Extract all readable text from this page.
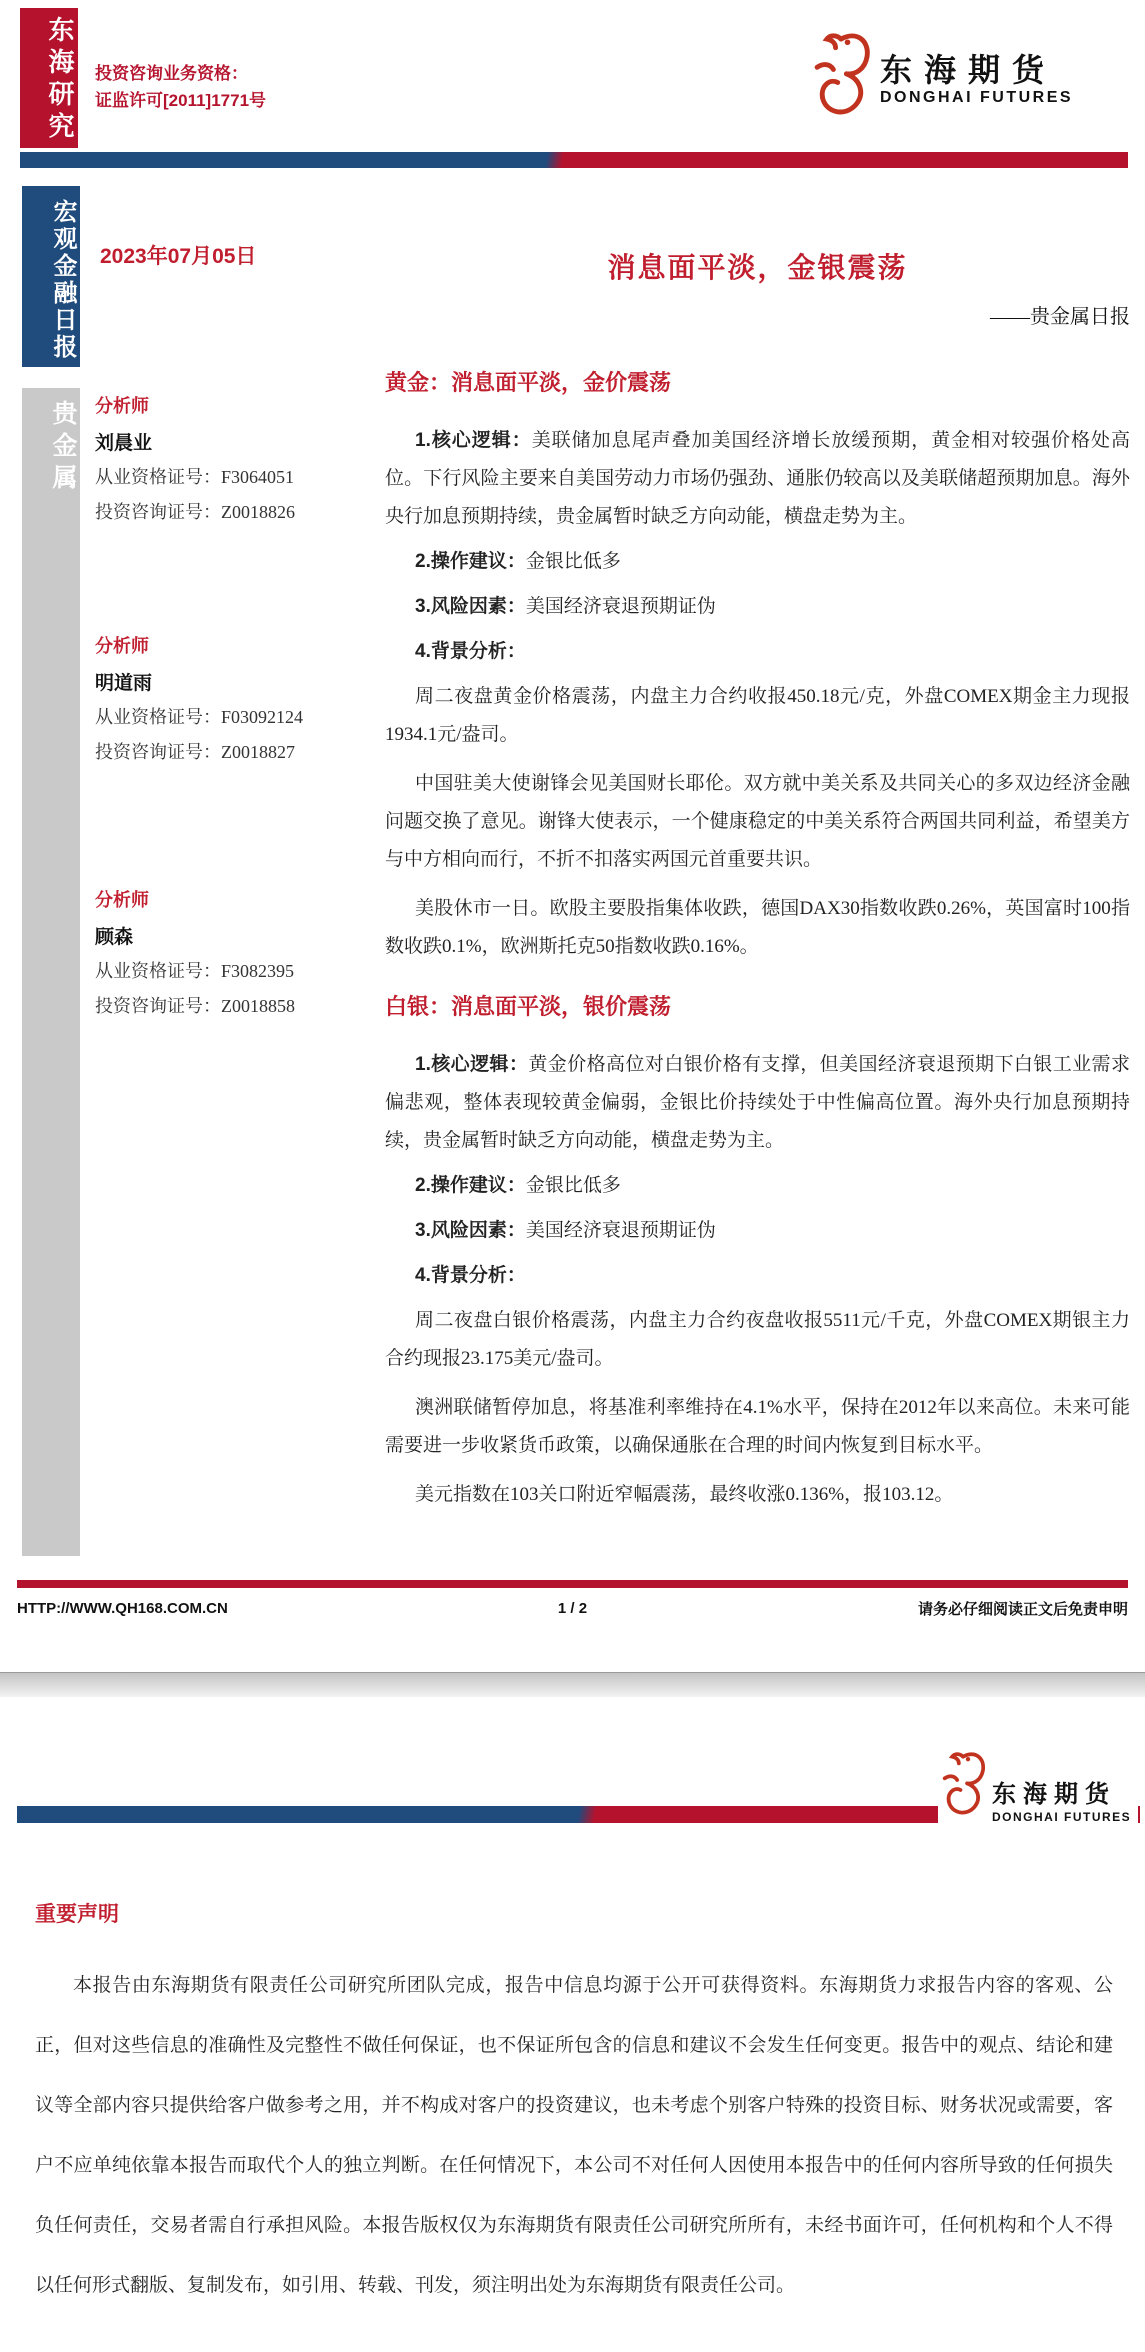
东海研究 投资咨询业务资格：
证监许可[2011]1771号
东海期货
DONGHAI FUTURES
宏观金融日报
贵金属
2023年07月05日	消息面平淡，金银震荡
——贵金属日报
分析师
刘晨业
从业资格证号：F3064051
投资咨询证号：Z0018826
分析师
明道雨
从业资格证号：F03092124
投资咨询证号：Z0018827
分析师
顾森
从业资格证号：F3082395
投资咨询证号：Z0018858
黄金：消息面平淡，金价震荡

1.核心逻辑：美联储加息尾声叠加美国经济增长放缓预期，黄金相对较强价格处高位。下行风险主要来自美国劳动力市场仍强劲、通胀仍较高以及美联储超预期加息。海外央行加息预期持续，贵金属暂时缺乏方向动能，横盘走势为主。

2.操作建议：金银比低多

3.风险因素：美国经济衰退预期证伪

4.背景分析：

周二夜盘黄金价格震荡，内盘主力合约收报450.18元/克，外盘COMEX期金主力现报1934.1元/盎司。

中国驻美大使谢锋会见美国财长耶伦。双方就中美关系及共同关心的多双边经济金融问题交换了意见。谢锋大使表示，一个健康稳定的中美关系符合两国共同利益，希望美方与中方相向而行，不折不扣落实两国元首重要共识。

美股休市一日。欧股主要股指集体收跌，德国DAX30指数收跌0.26%，英国富时100指数收跌0.1%，欧洲斯托克50指数收跌0.16%。

白银：消息面平淡，银价震荡

1.核心逻辑：黄金价格高位对白银价格有支撑，但美国经济衰退预期下白银工业需求偏悲观，整体表现较黄金偏弱，金银比价持续处于中性偏高位置。海外央行加息预期持续，贵金属暂时缺乏方向动能，横盘走势为主。

2.操作建议：金银比低多

3.风险因素：美国经济衰退预期证伪

4.背景分析：

周二夜盘白银价格震荡，内盘主力合约夜盘收报5511元/千克，外盘COMEX期银主力合约现报23.175美元/盎司。

澳洲联储暂停加息，将基准利率维持在4.1%水平，保持在2012年以来高位。未来可能需要进一步收紧货币政策，以确保通胀在合理的时间内恢复到目标水平。

美元指数在103关口附近窄幅震荡，最终收涨0.136%，报103.12。

HTTP://WWW.QH168.COM.CN	1 / 2	请务必仔细阅读正文后免责申明
东海期货
DONGHAI FUTURES
重要声明
本报告由东海期货有限责任公司研究所团队完成，报告中信息均源于公开可获得资料。东海期货力求报告内容的客观、公正，但对这些信息的准确性及完整性不做任何保证，也不保证所包含的信息和建议不会发生任何变更。报告中的观点、结论和建议等全部内容只提供给客户做参考之用，并不构成对客户的投资建议，也未考虑个别客户特殊的投资目标、财务状况或需要，客户不应单纯依靠本报告而取代个人的独立判断。在任何情况下，本公司不对任何人因使用本报告中的任何内容所导致的任何损失负任何责任，交易者需自行承担风险。本报告版权仅为东海期货有限责任公司研究所所有，未经书面许可，任何机构和个人不得以任何形式翻版、复制发布，如引用、转载、刊发，须注明出处为东海期货有限责任公司。
